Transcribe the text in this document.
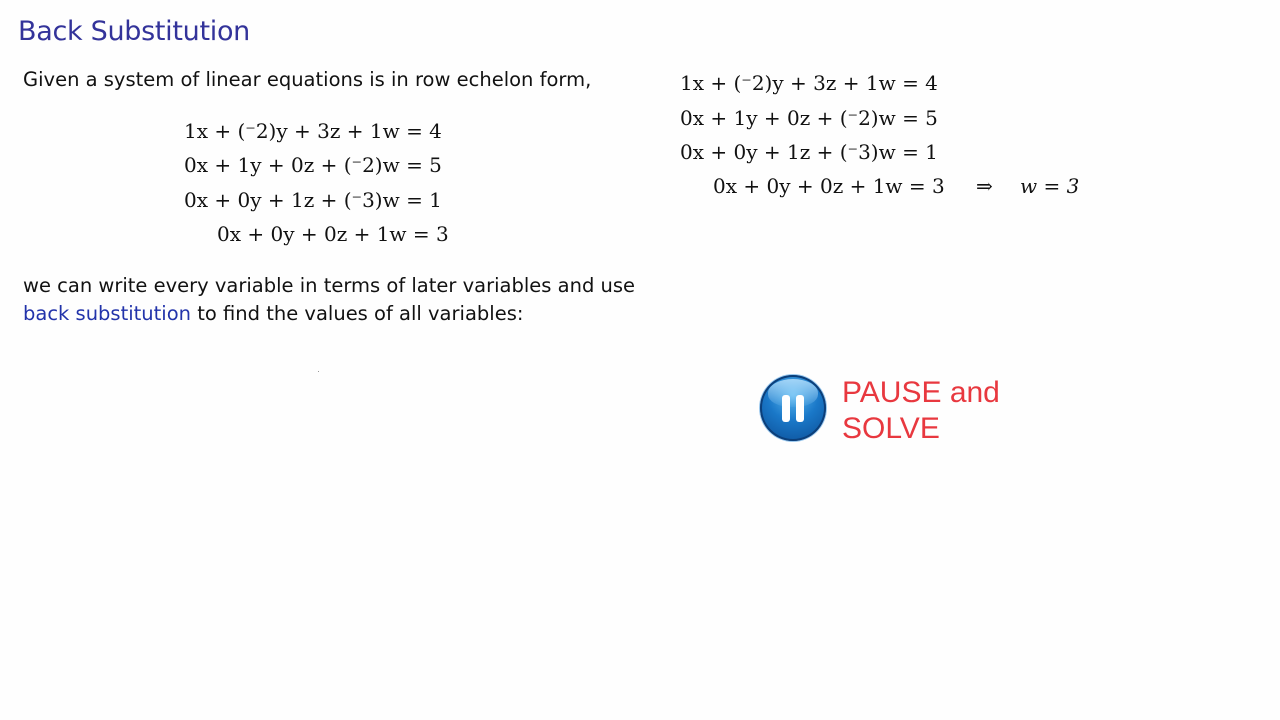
Back Substitution
Given a system of linear equations is in row echelon form,
1x + (⁻2)y + 3z + 1w = 4
0x + 1y + 0z + (⁻2)w = 5
0x + 0y + 1z + (⁻3)w = 1
0x + 0y + 0z + 1w = 3
we can write every variable in terms of later variables and use
back substitution to find the values of all variables:
1x + (⁻2)y + 3z + 1w = 4
0x + 1y + 0z + (⁻2)w = 5
0x + 0y + 1z + (⁻3)w = 1
0x + 0y + 0z + 1w = 3 ⇒ w = 3
PAUSE and
SOLVE
